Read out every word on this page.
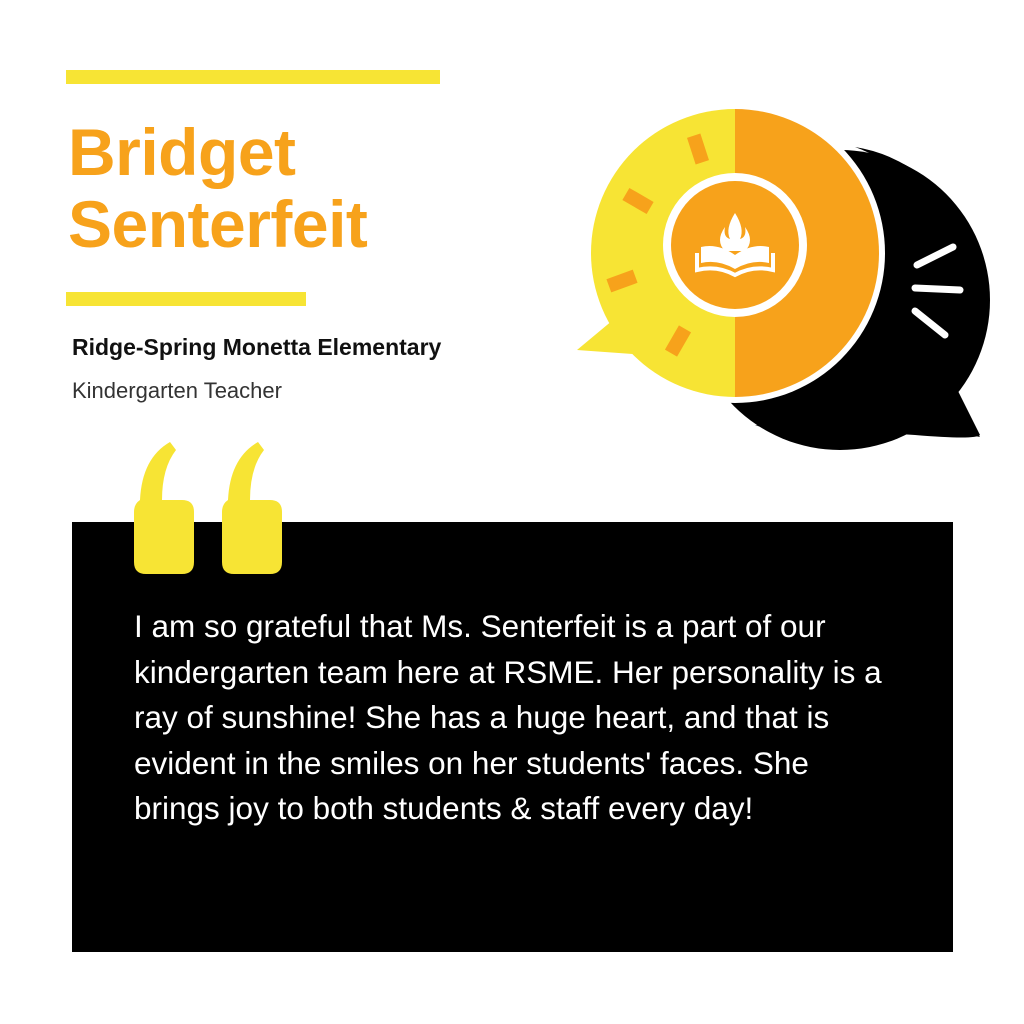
Bridget
Senterfeit
Ridge-Spring Monetta Elementary
Kindergarten Teacher
I am so grateful that Ms. Senterfeit is a part of our kindergarten team here at RSME. Her personality is a ray of sunshine! She has a huge heart, and that is evident in the smiles on her students' faces. She brings joy to both students & staff every day!
